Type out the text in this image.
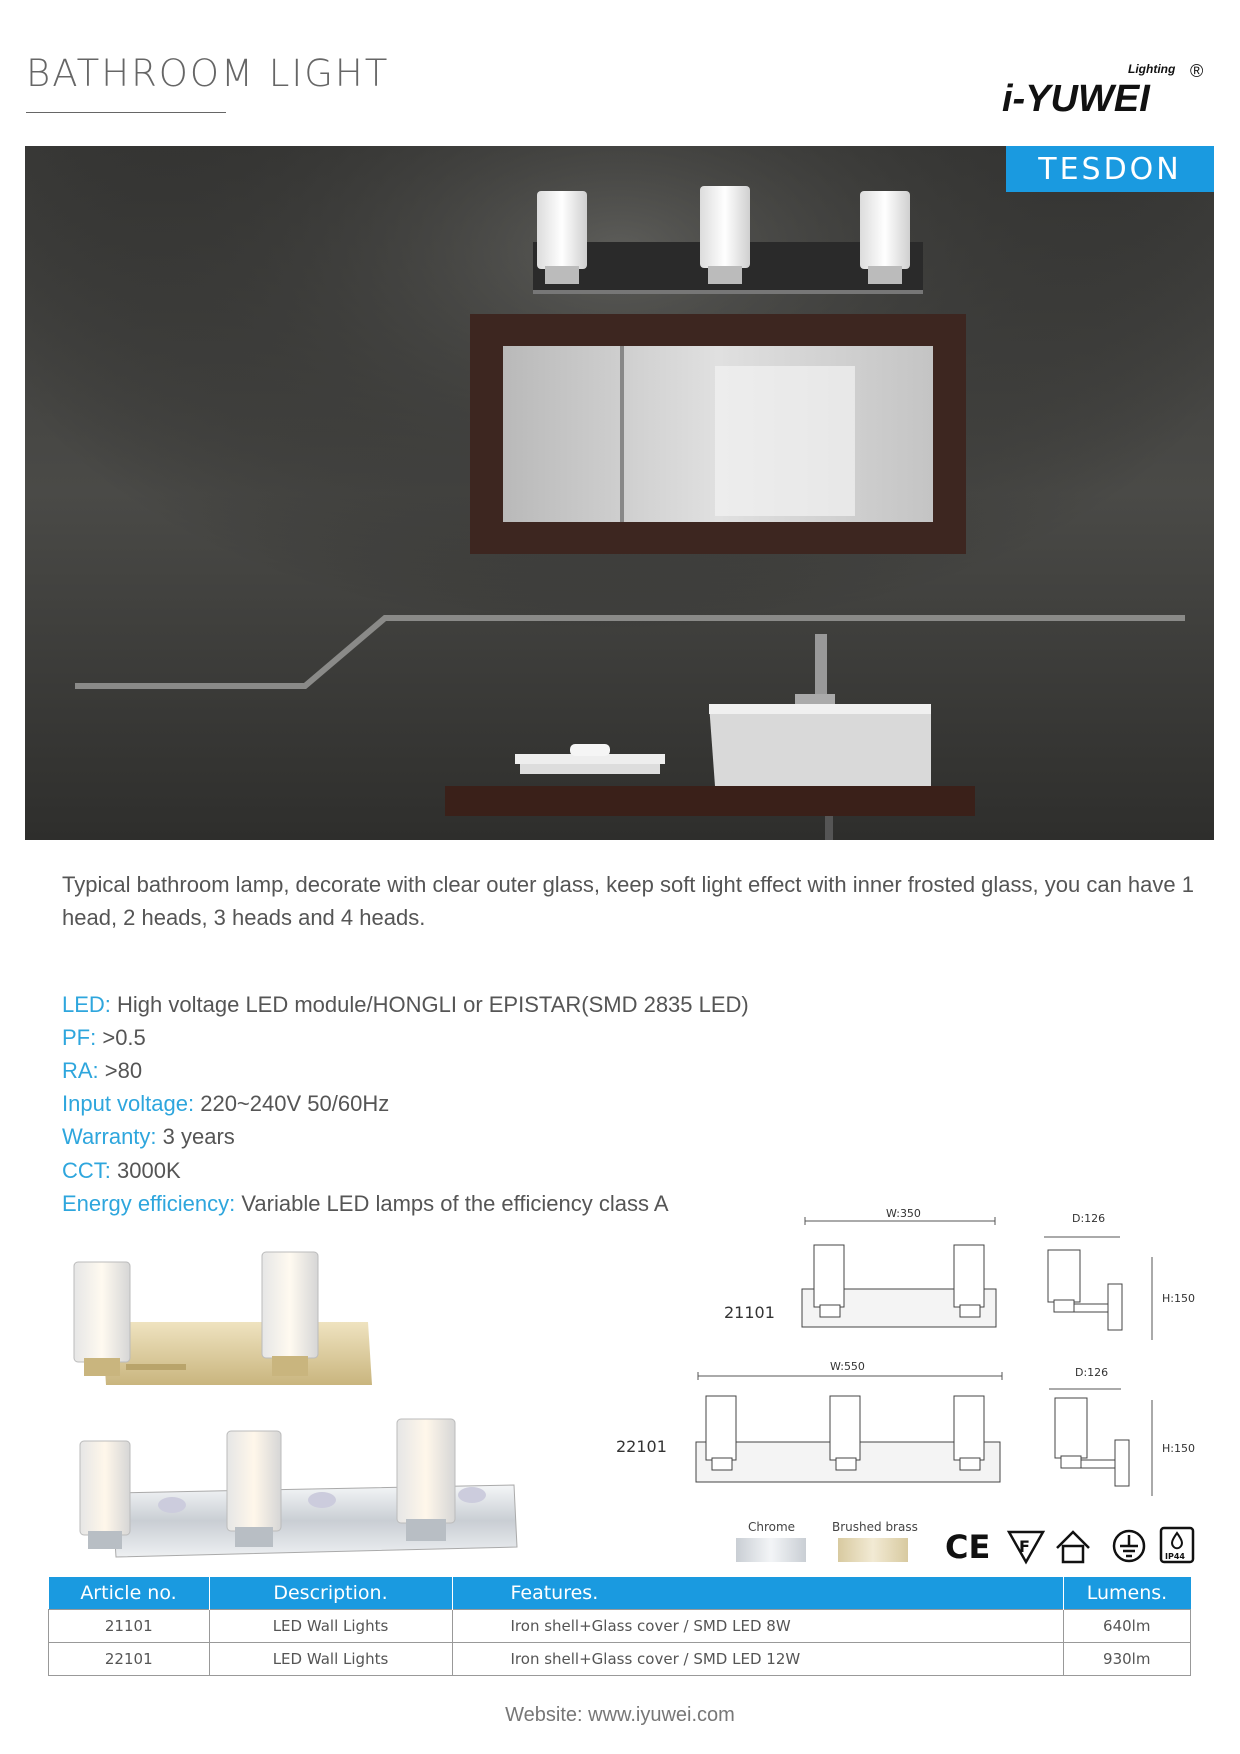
BATHROOM LIGHT	Lighting ®
i-YUWEI
TESDON
Typical bathroom lamp, decorate with clear outer glass, keep soft light effect with inner frosted glass, you can have 1 head, 2 heads, 3 heads and 4 heads.
LED: High voltage LED module/HONGLI or EPISTAR(SMD 2835 LED)
PF: >0.5
RA: >80
Input voltage: 220~240V 50/60Hz
Warranty: 3 years
CCT: 3000K
Energy efficiency: Variable LED lamps of the efficiency class A	W:350
21101
D:126
H:150
W:550
22101
D:126
H:150
Chrome	Brushed brass
CE F
IP44
Article no.	Description.	Features.	Lumens.
21101	LED Wall Lights	Iron shell+Glass cover / SMD LED 8W	640lm
22101	LED Wall Lights	Iron shell+Glass cover / SMD LED 12W	930lm
Website: www.iyuwei.com
